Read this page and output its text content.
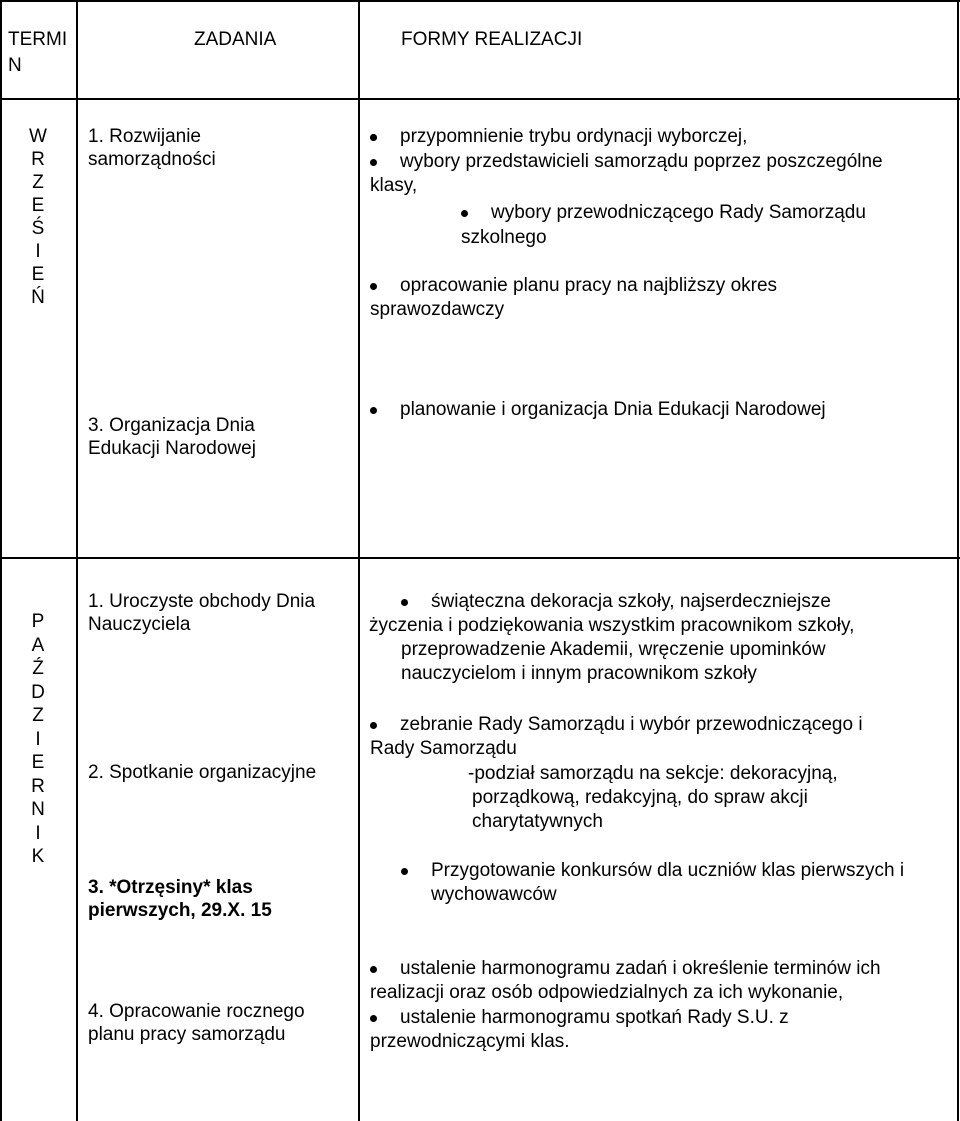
TERMIN
ZADANIA	FORMY REALIZACJI
W
R
Z
E
Ś
I
E
Ń
1. Rozwijanie samorządności
przypomnienie trybu ordynacji wyborczej,
wybory przedstawicieli samorządu poprzez poszczególne
klasy,
wybory przewodniczącego Rady Samorządu
szkolnego
opracowanie planu pracy na najbliższy okres
sprawozdawczy
3. Organizacja Dnia Edukacji Narodowej
planowanie i organizacja Dnia Edukacji Narodowej
P
A
Ź
D
Z
I
E
R
N
I
K
1. Uroczyste obchody Dnia Nauczyciela
2. Spotkanie organizacyjne
3. *Otrzęsiny* klas pierwszych, 29.X. 15
świąteczna dekoracja szkoły, najserdeczniejsze
życzenia i podziękowania wszystkim pracownikom szkoły,
przeprowadzenie Akademii, wręczenie upominków
nauczycielom i innym pracownikom szkoły
zebranie Rady Samorządu i wybór przewodniczącego i
Rady Samorządu
-podział samorządu na sekcje: dekoracyjną,
porządkową, redakcyjną, do spraw akcji
charytatywnych
Przygotowanie konkursów dla uczniów klas pierwszych i
wychowawców
4. Opracowanie rocznego planu pracy samorządu
ustalenie harmonogramu zadań i określenie terminów ich
realizacji oraz osób odpowiedzialnych za ich wykonanie,
ustalenie harmonogramu spotkań Rady S.U. z
przewodniczącymi klas.
